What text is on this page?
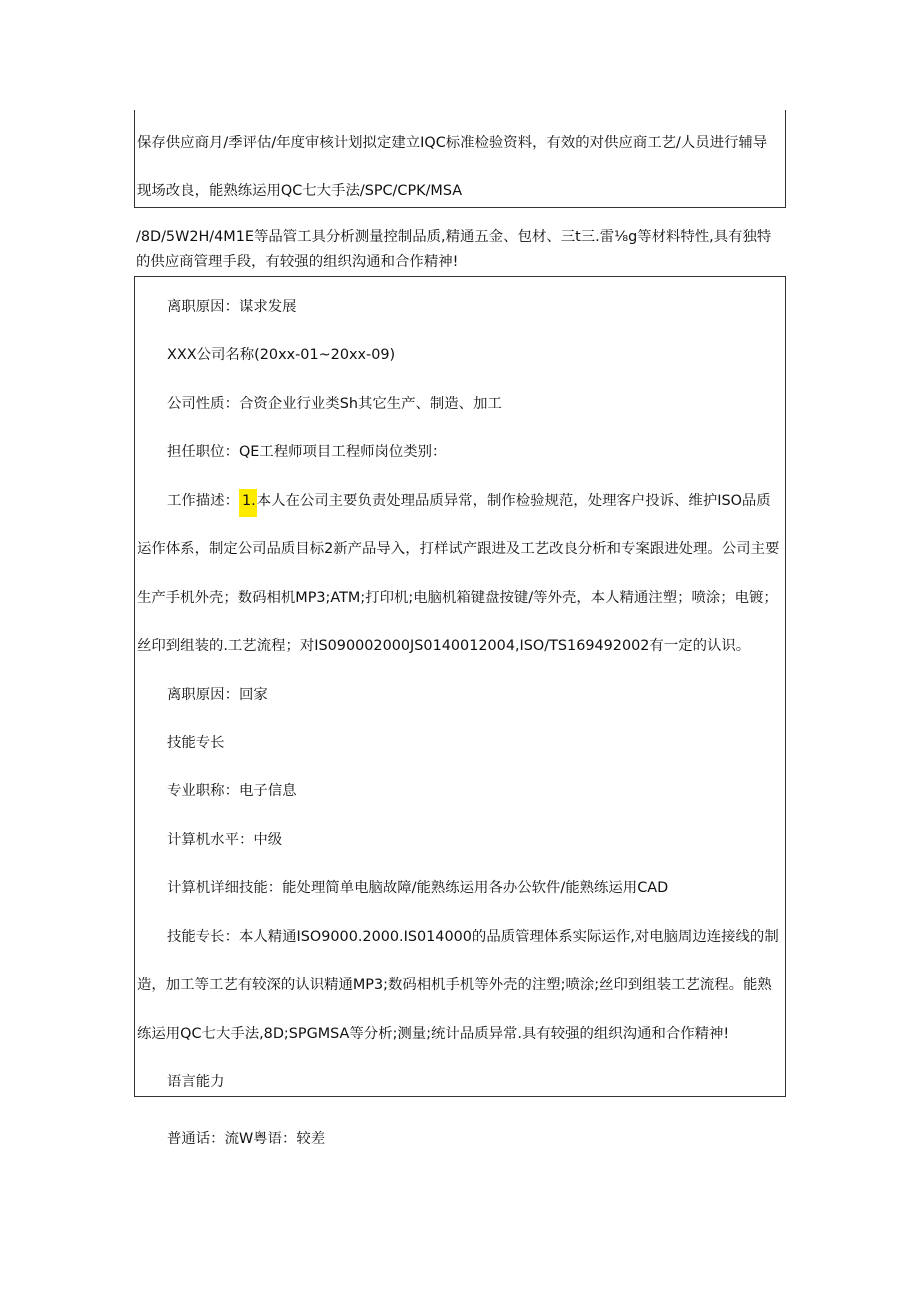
保存供应商月/季评估/年度审核计划拟定建立IQC标准检验资料，有效的对供应商工艺/人员进行辅导
现场改良，能熟练运用QC七大手法/SPC/CPK/MSA
/8D/5W2H/4M1E等品管工具分析测量控制品质,精通五金、包材、三t三.雷⅛g等材料特性,具有独特
的供应商管理手段，有较强的组织沟通和合作精神!
离职原因：谋求发展
XXX公司名称(20xx-01~20xx-09)
公司性质：合资企业行业类Sh其它生产、制造、加工
担任职位：QE工程师项目工程师岗位类别：
工作描述： 1.本人在公司主要负责处理品质异常，制作检验规范，处理客户投诉、维护ISO品质
运作体系，制定公司品质目标2新产品导入，打样试产跟进及工艺改良分析和专案跟进处理。公司主要
生产手机外壳；数码相机MP3;ATM;打印机;电脑机箱键盘按键/等外壳，本人精通注塑；喷涂；电镀；
丝印到组装的.工艺流程；对IS090002000JS0140012004,ISO/TS169492002有一定的认识。
离职原因：回家
技能专长
专业职称：电子信息
计算机水平：中级
计算机详细技能：能处理简单电脑故障/能熟练运用各办公软件/能熟练运用CAD
技能专长：本人精通ISO9000.2000.IS014000的品质管理体系实际运作,对电脑周边连接线的制
造，加工等工艺有较深的认识精通MP3;数码相机手机等外壳的注塑;喷涂;丝印到组装工艺流程。能熟
练运用QC七大手法,8D;SPGMSA等分析;测量;统计品质异常.具有较强的组织沟通和合作精神!
语言能力
普通话：流W粤语：较差
